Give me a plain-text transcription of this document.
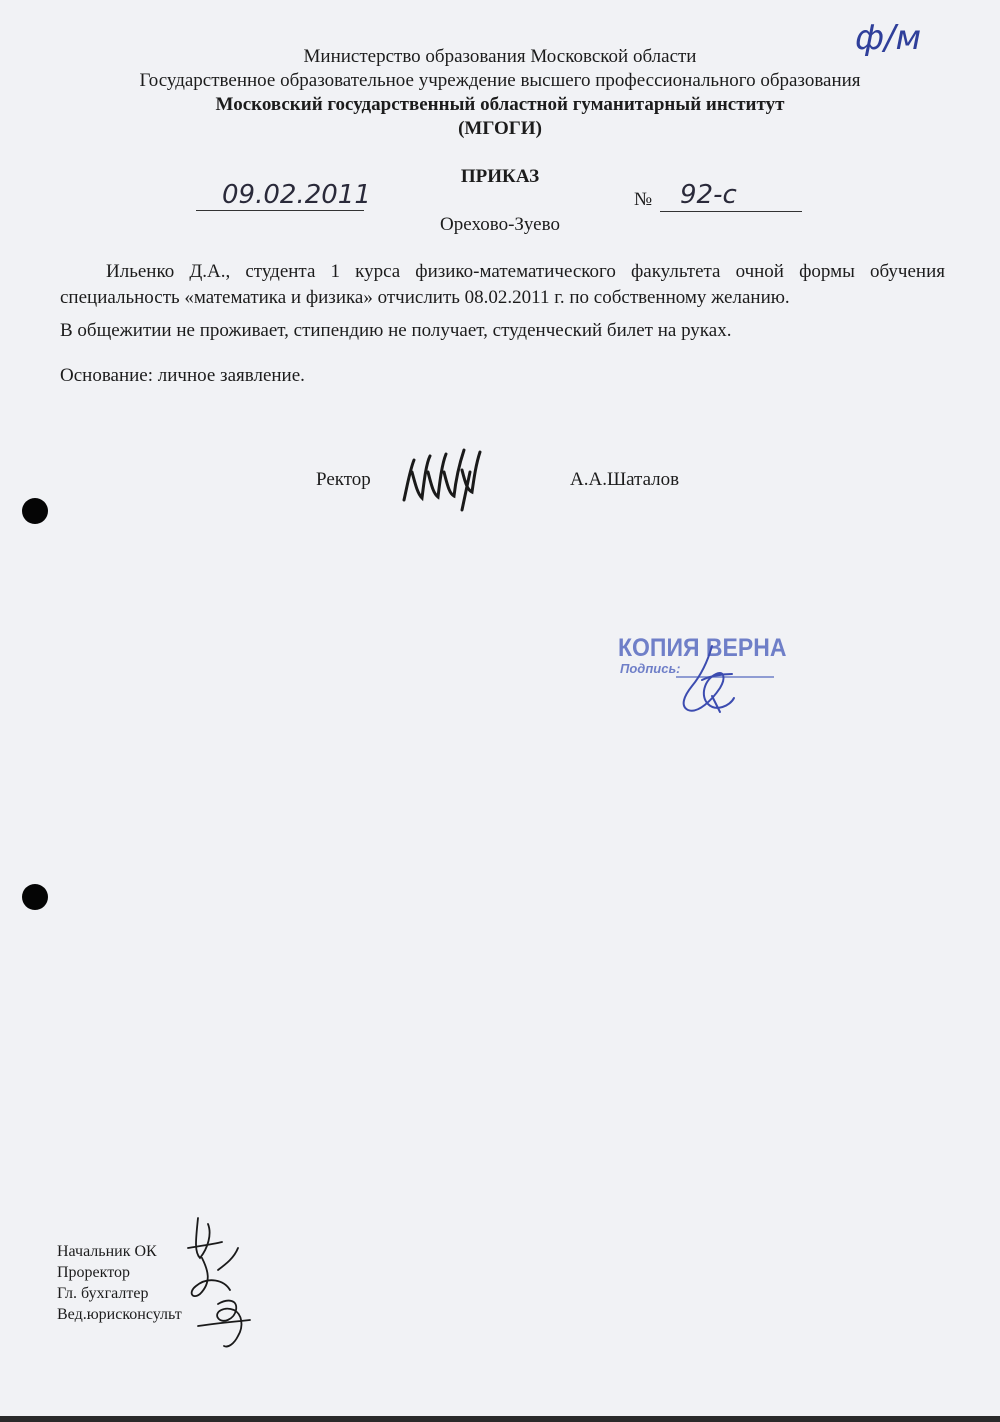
ф/м
Министерство образования Московской области
Государственное образовательное учреждение высшего профессионального образования
Московский государственный областной гуманитарный институт
(МГОГИ)
ПРИКАЗ
09.02.2011	№ 92-с
Орехово-Зуево
Ильенко Д.А., студента 1 курса физико-математического факультета очной формы обучения специальность «математика и физика» отчислить 08.02.2011 г. по собственному желанию.
В общежитии не проживает, стипендию не получает, студенческий билет на руках.
Основание: личное заявление.
Ректор	А.А.Шаталов
КОПИЯ ВЕРНА
Подпись:
Начальник ОК
Проректор
Гл. бухгалтер
Вед.юрисконсульт
